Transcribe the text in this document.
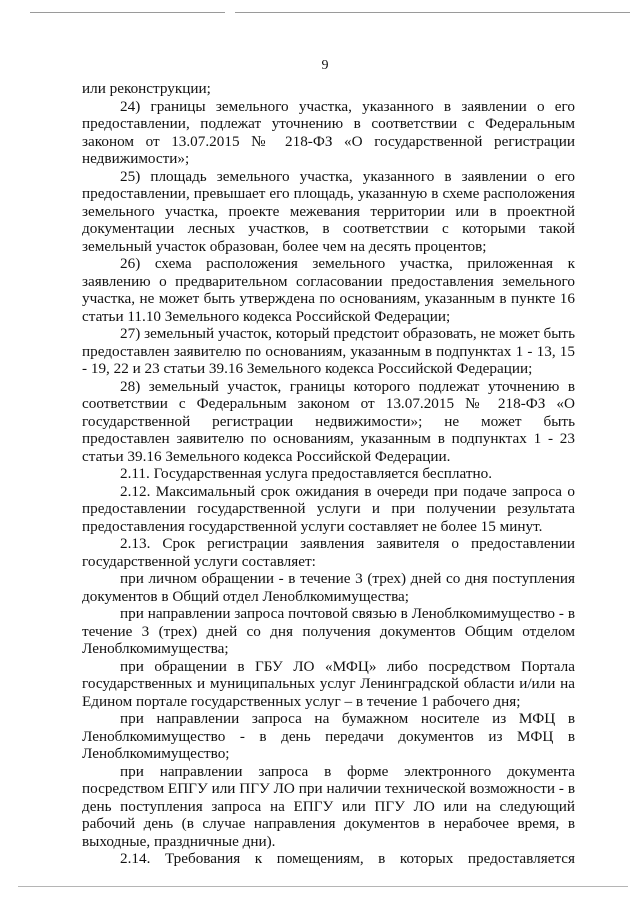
9

или реконструкции;

24) границы земельного участка, указанного в заявлении о его предоставлении, подлежат уточнению в соответствии с Федеральным законом от 13.07.2015 № 218-ФЗ «О государственной регистрации недвижимости»;

25) площадь земельного участка, указанного в заявлении о его предоставлении, превышает его площадь, указанную в схеме расположения земельного участка, проекте межевания территории или в проектной документации лесных участков, в соответствии с которыми такой земельный участок образован, более чем на десять процентов;

26) схема расположения земельного участка, приложенная к заявлению о предварительном согласовании предоставления земельного участка, не может быть утверждена по основаниям, указанным в пункте 16 статьи 11.10 Земельного кодекса Российской Федерации;

27) земельный участок, который предстоит образовать, не может быть предоставлен заявителю по основаниям, указанным в подпунктах 1 - 13, 15 - 19, 22 и 23 статьи 39.16 Земельного кодекса Российской Федерации;

28) земельный участок, границы которого подлежат уточнению в соответствии с Федеральным законом от 13.07.2015 № 218-ФЗ «О государственной регистрации недвижимости»; не может быть предоставлен заявителю по основаниям, указанным в подпунктах 1 - 23 статьи 39.16 Земельного кодекса Российской Федерации.

2.11. Государственная услуга предоставляется бесплатно.

2.12. Максимальный срок ожидания в очереди при подаче запроса о предоставлении государственной услуги и при получении результата предоставления государственной услуги составляет не более 15 минут.

2.13. Срок регистрации заявления заявителя о предоставлении государственной услуги составляет:

при личном обращении - в течение 3 (трех) дней со дня поступления документов в Общий отдел Леноблкомимущества;

при направлении запроса почтовой связью в Леноблкомимущество - в течение 3 (трех) дней со дня получения документов Общим отделом Леноблкомимущества;

при обращении в ГБУ ЛО «МФЦ» либо посредством Портала государственных и муниципальных услуг Ленинградской области и/или на Едином портале государственных услуг – в течение 1 рабочего дня;

при направлении запроса на бумажном носителе из МФЦ в Леноблкомимущество - в день передачи документов из МФЦ в Леноблкомимущество;

при направлении запроса в форме электронного документа посредством ЕПГУ или ПГУ ЛО при наличии технической возможности - в день поступления запроса на ЕПГУ или ПГУ ЛО или на следующий рабочий день (в случае направления документов в нерабочее время, в выходные, праздничные дни).

2.14. Требования к помещениям, в которых предоставляется
